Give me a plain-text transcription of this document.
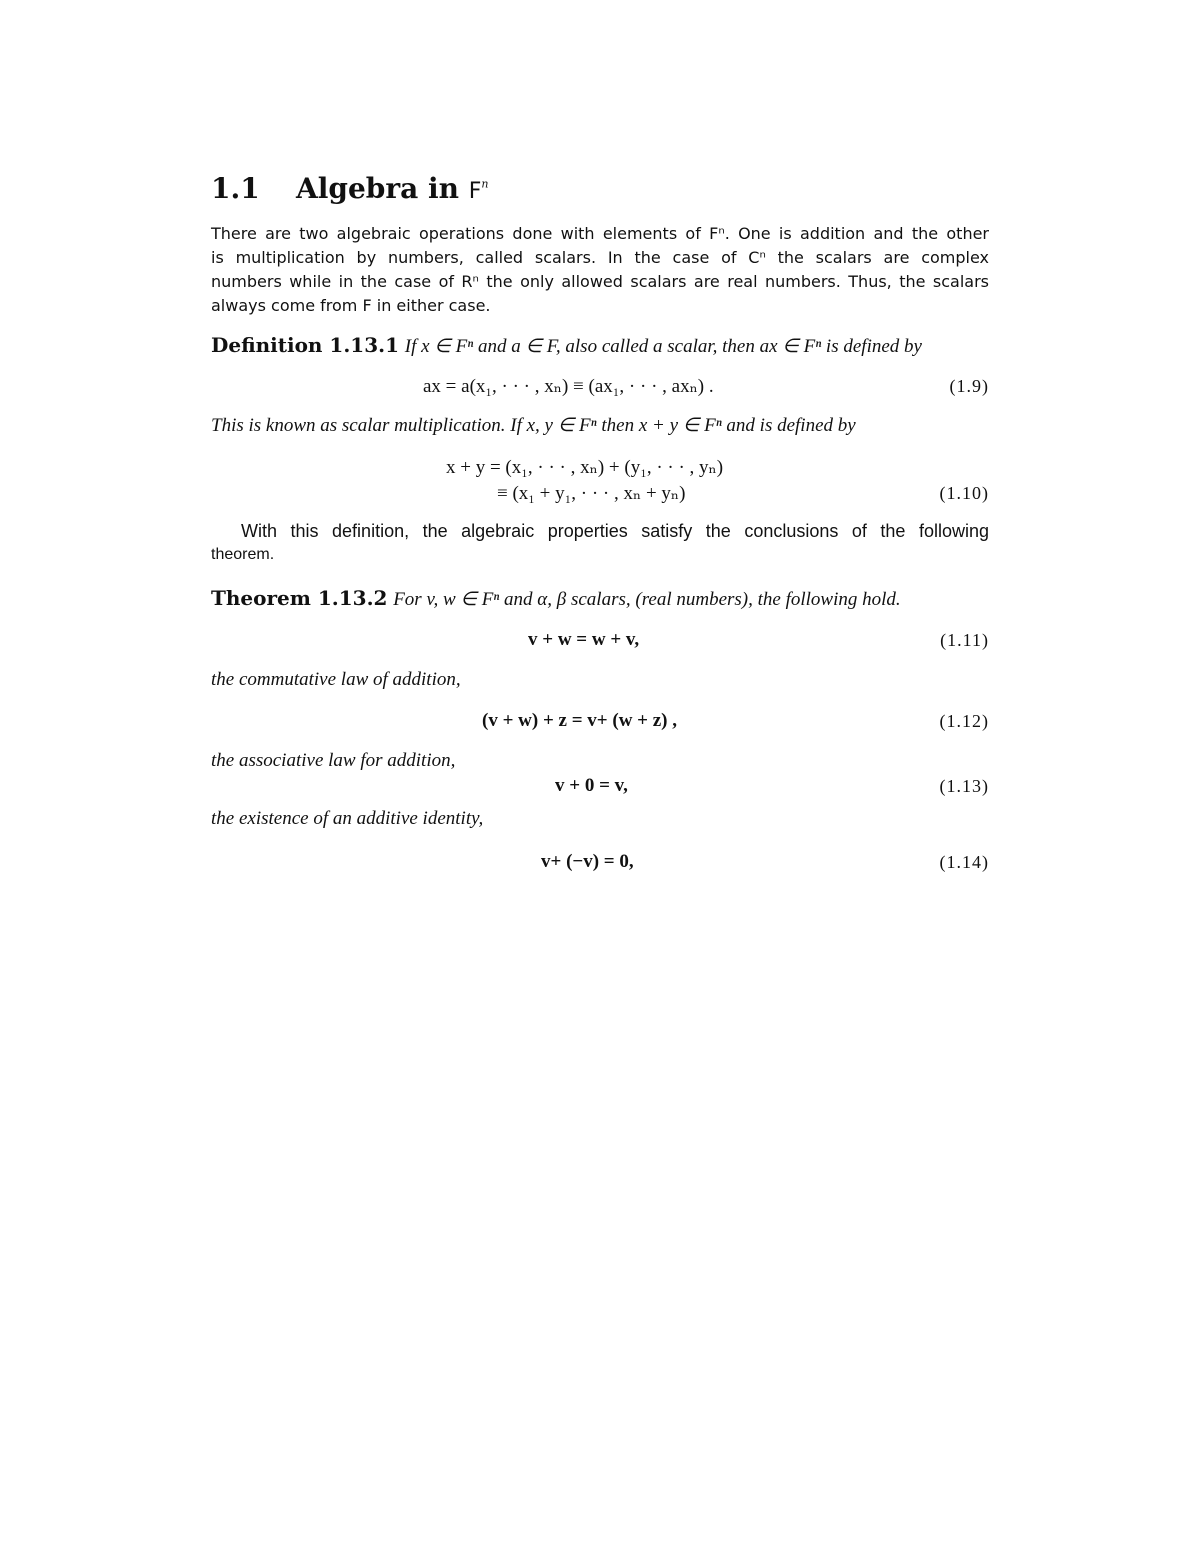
1.1 Algebra in $F^n$
There are two algebraic operations done with elements of Fⁿ. One is addition and the other
is multiplication by numbers, called scalars. In the case of Cⁿ the scalars are complex
numbers while in the case of Rⁿ the only allowed scalars are real numbers. Thus, the scalars
always come from F in either case.
Definition 1.13.1 If x ∈ Fⁿ and a ∈ F, also called a scalar, then ax ∈ Fⁿ is defined by
ax = a(x₁, · · · , xₙ) ≡ (ax₁, · · · , axₙ) .	(1.9)
This is known as scalar multiplication. If x, y ∈ Fⁿ then x + y ∈ Fⁿ and is defined by
x + y = (x₁, · · · , xₙ) + (y₁, · · · , yₙ)
≡ (x₁ + y₁, · · · , xₙ + yₙ)	(1.10)
With this definition, the algebraic properties satisfy the conclusions of the following
theorem.
Theorem 1.13.2 For v, w ∈ Fⁿ and α, β scalars, (real numbers), the following hold.
v + w = w + v,	(1.11)
the commutative law of addition,
(v + w) + z = v+ (w + z) ,	(1.12)
the associative law for addition,
v + 0 = v,	(1.13)
the existence of an additive identity,
v+ (−v) = 0,	(1.14)
